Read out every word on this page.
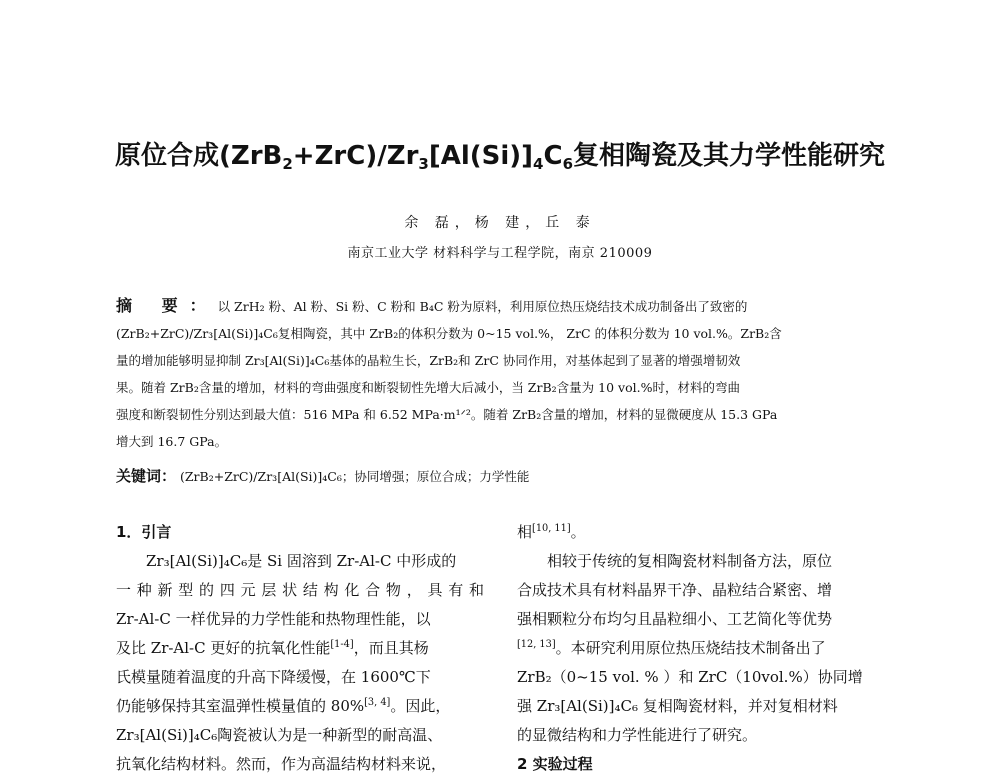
原位合成$(ZrB_2+ZrC)/Zr_3[Al(Si)]_4C_6$复相陶瓷及其力学性能研究
余 磊，杨 建，丘 泰
南京工业大学 材料科学与工程学院，南京 210009
摘 要：以 ZrH₂ 粉、Al 粉、Si 粉、C 粉和 B₄C 粉为原料，利用原位热压烧结技术成功制备出了致密的
(ZrB₂+ZrC)/Zr₃[Al(Si)]₄C₆复相陶瓷，其中 ZrB₂的体积分数为 0~15 vol.%， ZrC 的体积分数为 10 vol.%。ZrB₂含
量的增加能够明显抑制 Zr₃[Al(Si)]₄C₆基体的晶粒生长，ZrB₂和 ZrC 协同作用，对基体起到了显著的增强增韧效
果。随着 ZrB₂含量的增加，材料的弯曲强度和断裂韧性先增大后减小，当 ZrB₂含量为 10 vol.%时，材料的弯曲
强度和断裂韧性分别达到最大值：516 MPa 和 6.52 MPa·m¹ᐟ²。随着 ZrB₂含量的增加，材料的显微硬度从 15.3 GPa
增大到 16.7 GPa。
关键词： (ZrB₂+ZrC)/Zr₃[Al(Si)]₄C₆；协同增强；原位合成；力学性能
1．引言
Zr₃[Al(Si)]₄C₆是 Si 固溶到 Zr-Al-C 中形成的
一种新型的四元层状结构化合物，具有和
Zr-Al-C 一样优异的力学性能和热物理性能，以
及比 Zr-Al-C 更好的抗氧化性能[1-4]，而且其杨
氏模量随着温度的升高下降缓慢，在 1600℃下
仍能够保持其室温弹性模量值的 80%[3, 4]。因此，
Zr₃[Al(Si)]₄C₆陶瓷被认为是一种新型的耐高温、
抗氧化结构材料。然而，作为高温结构材料来说，
相[10, 11]。
相较于传统的复相陶瓷材料制备方法，原位
合成技术具有材料晶界干净、晶粒结合紧密、增
强相颗粒分布均匀且晶粒细小、工艺简化等优势
[12, 13]。本研究利用原位热压烧结技术制备出了
ZrB₂（0~15 vol. % ）和 ZrC（10vol.%）协同增
强 Zr₃[Al(Si)]₄C₆ 复相陶瓷材料，并对复相材料
的显微结构和力学性能进行了研究。
2 实验过程
